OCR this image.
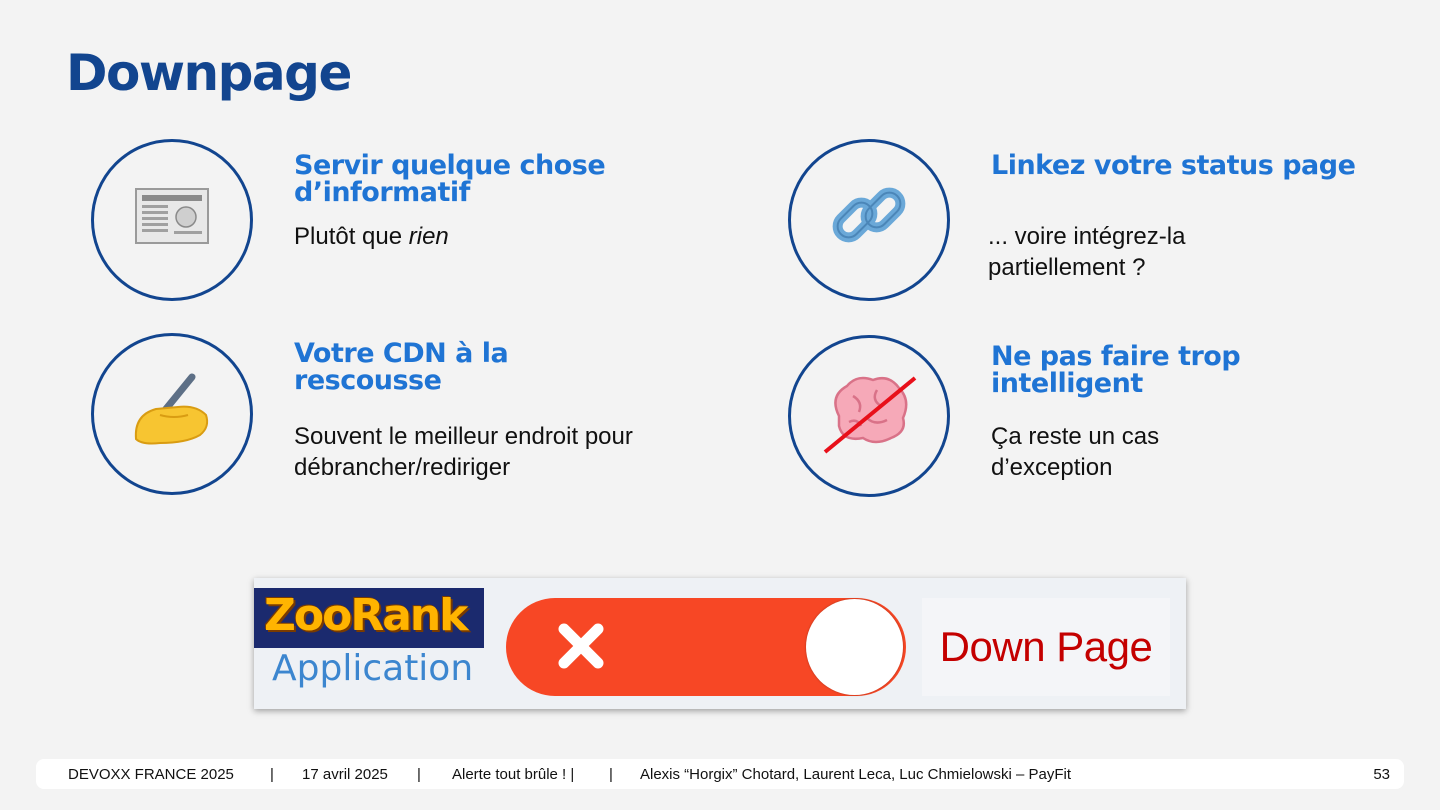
Downpage
Servir quelque chose d’informatif

Plutôt que rien

Linkez votre status page

... voire intégrez-la partiellement ?

Votre CDN à la rescousse

Souvent le meilleur endroit pour débrancher/rediriger

Ne pas faire trop intelligent

Ça reste un cas d’exception

ZooRank
Application	Down Page
DEVOXX FRANCE 2025 | 17 avril 2025 | Alerte tout brûle ! | | Alexis “Horgix” Chotard, Laurent Leca, Luc Chmielowski – PayFit	53
